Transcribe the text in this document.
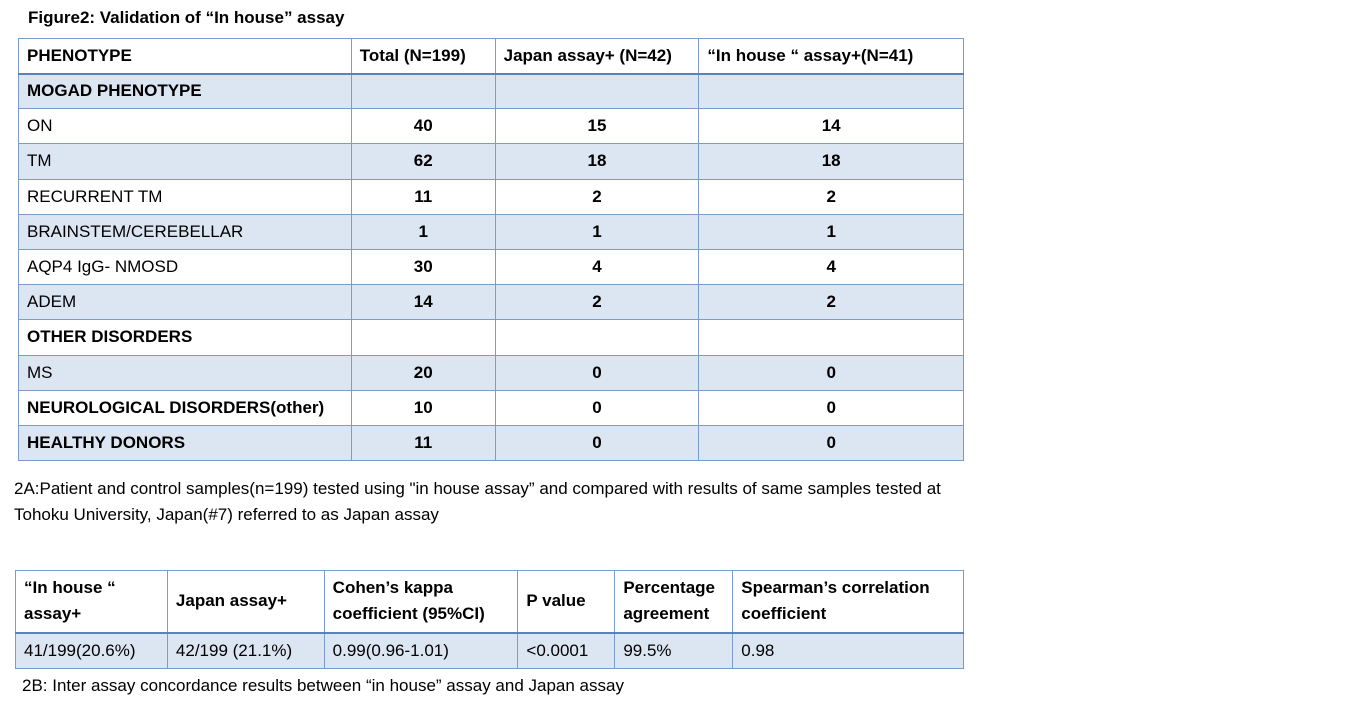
Figure2: Validation of “In house” assay
PHENOTYPE	Total (N=199)	Japan assay+ (N=42)	“In house “ assay+(N=41)
MOGAD PHENOTYPE			
ON	40	15	14
TM	62	18	18
RECURRENT TM	11	2	2
BRAINSTEM/CEREBELLAR	1	1	1
AQP4 IgG- NMOSD	30	4	4
ADEM	14	2	2
OTHER DISORDERS			
MS	20	0	0
NEUROLOGICAL DISORDERS(other)	10	0	0
HEALTHY DONORS	11	0	0
2A:Patient and control samples(n=199) tested using "in house assay” and compared with results of same samples tested at Tohoku University, Japan(#7) referred to as Japan assay
“In house “ assay+	Japan assay+	Cohen’s kappa coefficient (95%CI)	P value	Percentage agreement	Spearman’s correlation coefficient
41/199(20.6%)	42/199 (21.1%)	0.99(0.96-1.01)	<0.0001	99.5%	0.98
2B: Inter assay concordance results between “in house” assay and Japan assay
